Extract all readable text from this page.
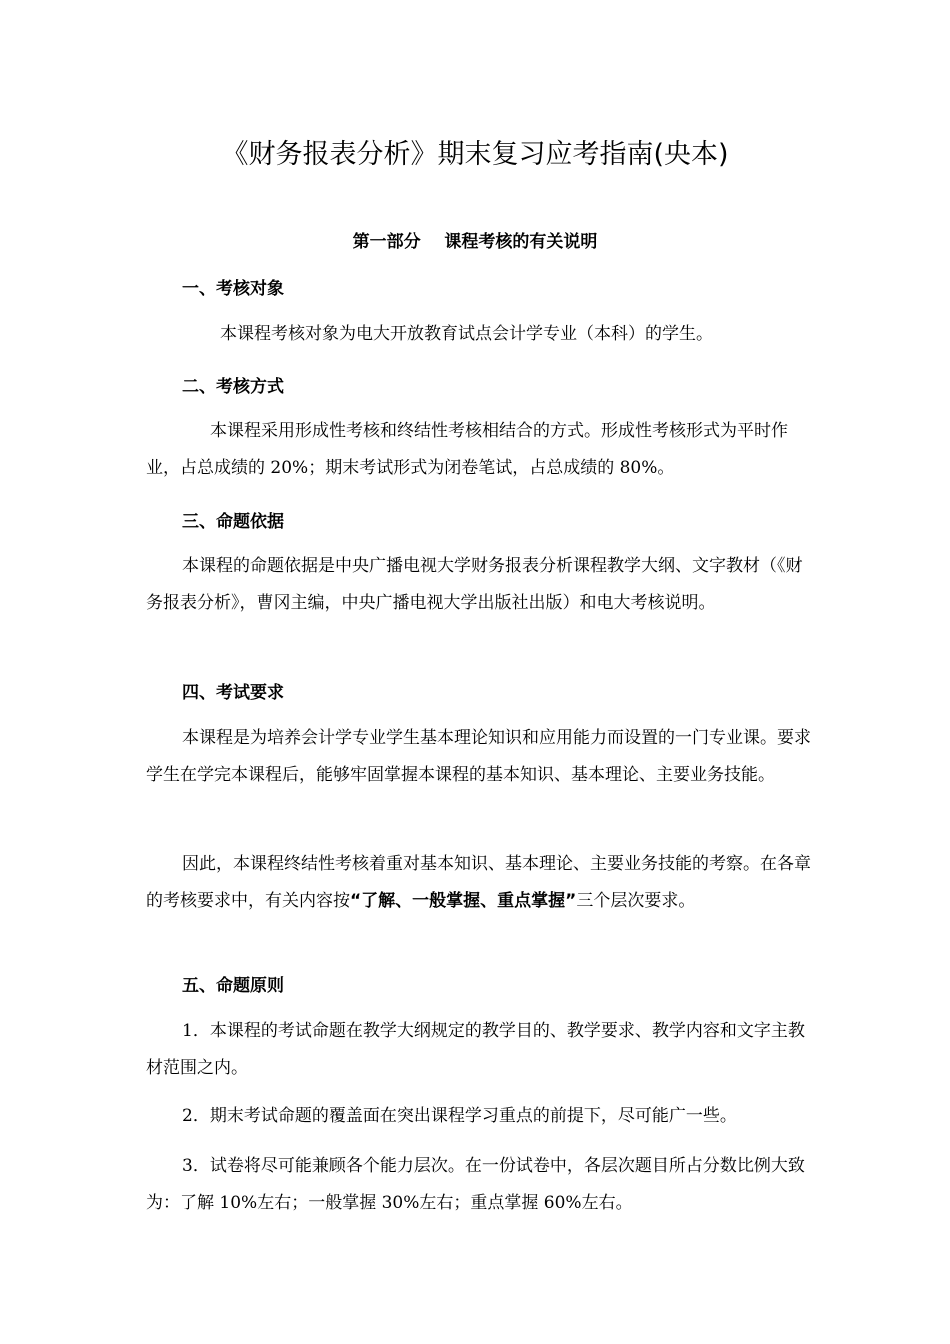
《财务报表分析》期末复习应考指南(央本)
第一部分    课程考核的有关说明
一、考核对象

本课程考核对象为电大开放教育试点会计学专业（本科）的学生。

二、考核方式

本课程采用形成性考核和终结性考核相结合的方式。形成性考核形式为平时作业，占总成绩的 20%；期末考试形式为闭卷笔试，占总成绩的 80%。

三、命题依据

本课程的命题依据是中央广播电视大学财务报表分析课程教学大纲、文字教材（《财务报表分析》，曹冈主编，中央广播电视大学出版社出版）和电大考核说明。

四、考试要求

本课程是为培养会计学专业学生基本理论知识和应用能力而设置的一门专业课。要求学生在学完本课程后，能够牢固掌握本课程的基本知识、基本理论、主要业务技能。

因此，本课程终结性考核着重对基本知识、基本理论、主要业务技能的考察。在各章的考核要求中，有关内容按“了解、一般掌握、重点掌握”三个层次要求。

五、命题原则

1．本课程的考试命题在教学大纲规定的教学目的、教学要求、教学内容和文字主教材范围之内。

2．期末考试命题的覆盖面在突出课程学习重点的前提下，尽可能广一些。

3．试卷将尽可能兼顾各个能力层次。在一份试卷中，各层次题目所占分数比例大致为：了解 10%左右；一般掌握 30%左右；重点掌握 60%左右。
